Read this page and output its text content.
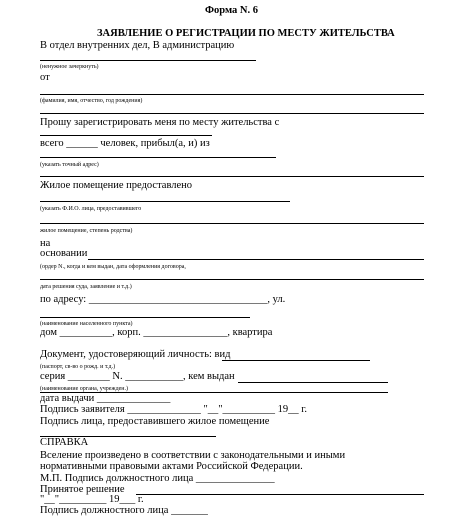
Форма N. 6
ЗАЯВЛЕНИЕ О РЕГИСТРАЦИИ ПО МЕСТУ ЖИТЕЛЬСТВА
В отдел внутренних дел, В администрацию
(ненужное зачеркнуть)
от
(фамилия, имя, отчество, год рождения)
Прошу зарегистрировать меня по месту жительства с
всего ______ человек, прибыл(а, и) из
(указать точный адрес)
Жилое помещение предоставлено
(указать Ф.И.О. лица, предоставившего
жилое помещение, степень родства)
на
основании
(ордер N., когда и кем выдан, дата оформления договора,
дата решения суда, заявление и т.д.)
по адресу: __________________________________, ул.
(наименование населенного пункта)
дом __________, корп. ________________, квартира
Документ, удостоверяющий личность: вид
(паспорт, св-во о рожд. и т.д.)
серия ________ N. ___________, кем выдан
(наименование органа, учрежден.)
дата выдачи ______________
Подпись заявителя ______________ "__"__________ 19__ г.
Подпись лица, предоставившего жилое помещение
СПРАВКА
Вселение произведено в соответствии с законодательными и иными
нормативными правовыми актами Российской Федерации.
М.П. Подпись должностного лица _______________
Принятое решение
"__"_________ 19___ г.
Подпись должностного лица _______
